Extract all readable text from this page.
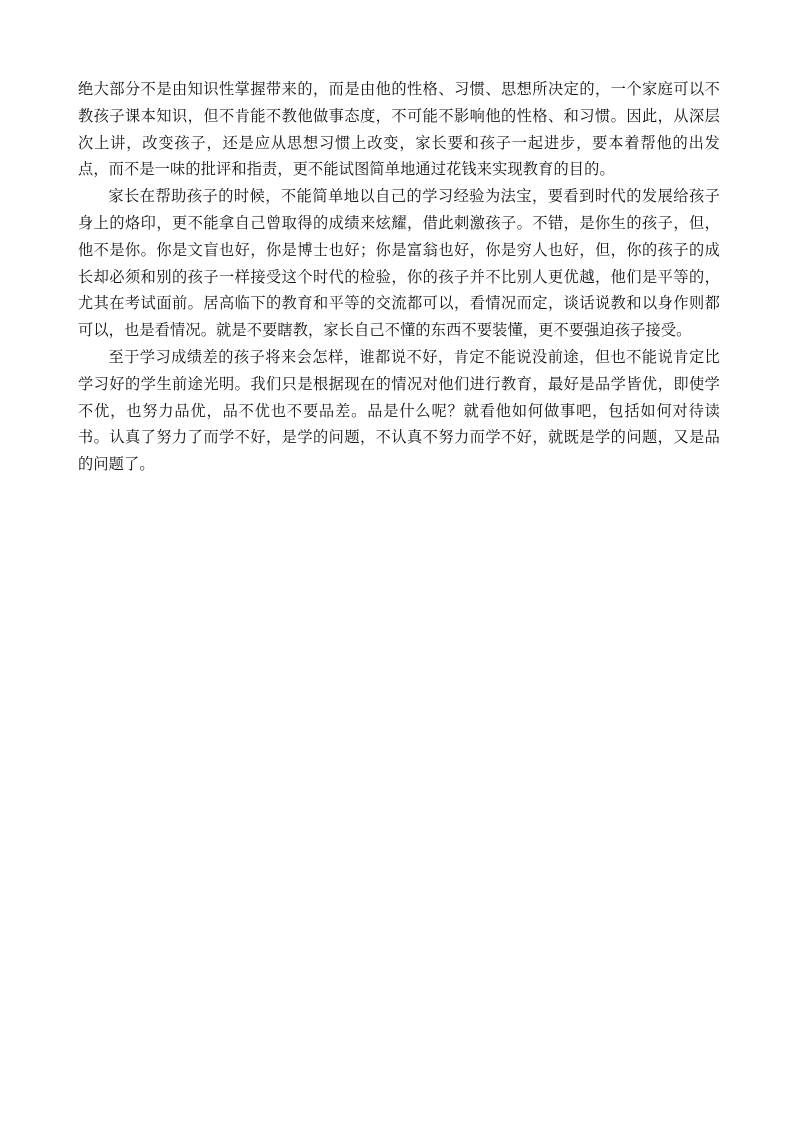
绝大部分不是由知识性掌握带来的，而是由他的性格、习惯、思想所决定的，一个家庭可以不教孩子课本知识，但不肯能不教他做事态度，不可能不影响他的性格、和习惯。因此，从深层次上讲，改变孩子，还是应从思想习惯上改变，家长要和孩子一起进步，要本着帮他的出发点，而不是一味的批评和指责，更不能试图简单地通过花钱来实现教育的目的。

家长在帮助孩子的时候，不能简单地以自己的学习经验为法宝，要看到时代的发展给孩子身上的烙印，更不能拿自己曾取得的成绩来炫耀，借此刺激孩子。不错，是你生的孩子，但，他不是你。你是文盲也好，你是博士也好；你是富翁也好，你是穷人也好，但，你的孩子的成长却必须和别的孩子一样接受这个时代的检验，你的孩子并不比别人更优越，他们是平等的，尤其在考试面前。居高临下的教育和平等的交流都可以，看情况而定，谈话说教和以身作则都可以，也是看情况。就是不要瞎教，家长自己不懂的东西不要装懂，更不要强迫孩子接受。

至于学习成绩差的孩子将来会怎样，谁都说不好，肯定不能说没前途，但也不能说肯定比学习好的学生前途光明。我们只是根据现在的情况对他们进行教育，最好是品学皆优，即使学不优，也努力品优，品不优也不要品差。品是什么呢？就看他如何做事吧，包括如何对待读书。认真了努力了而学不好，是学的问题，不认真不努力而学不好，就既是学的问题，又是品的问题了。
